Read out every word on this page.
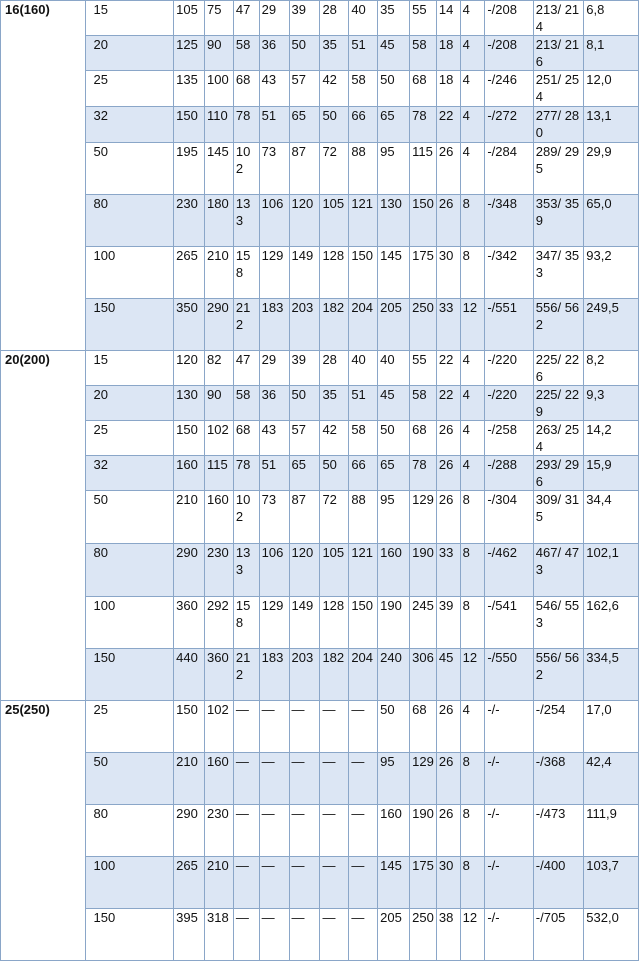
16(160)	15	105	75	47	29	39	28	40	35	55	14	4	-/208	213/ 214	6,8
	20	125	90	58	36	50	35	51	45	58	18	4	-/208	213/ 216	8,1
	25	135	100	68	43	57	42	58	50	68	18	4	-/246	251/ 254	12,0
	32	150	110	78	51	65	50	66	65	78	22	4	-/272	277/ 280	13,1
	50	195	145	102	73	87	72	88	95	115	26	4	-/284	289/ 295	29,9
	80	230	180	133	106	120	105	121	130	150	26	8	-/348	353/ 359	65,0
	100	265	210	158	129	149	128	150	145	175	30	8	-/342	347/ 353	93,2
	150	350	290	212	183	203	182	204	205	250	33	12	-/551	556/ 562	249,5
20(200)	15	120	82	47	29	39	28	40	40	55	22	4	-/220	225/ 226	8,2
	20	130	90	58	36	50	35	51	45	58	22	4	-/220	225/ 229	9,3
	25	150	102	68	43	57	42	58	50	68	26	4	-/258	263/ 254	14,2
	32	160	115	78	51	65	50	66	65	78	26	4	-/288	293/ 296	15,9
	50	210	160	102	73	87	72	88	95	129	26	8	-/304	309/ 315	34,4
	80	290	230	133	106	120	105	121	160	190	33	8	-/462	467/ 473	102,1
	100	360	292	158	129	149	128	150	190	245	39	8	-/541	546/ 553	162,6
	150	440	360	212	183	203	182	204	240	306	45	12	-/550	556/ 562	334,5
25(250)	25	150	102	—	—	—	—	—	50	68	26	4	-/-	-/254	17,0
	50	210	160	—	—	—	—	—	95	129	26	8	-/-	-/368	42,4
	80	290	230	—	—	—	—	—	160	190	26	8	-/-	-/473	111,9
	100	265	210	—	—	—	—	—	145	175	30	8	-/-	-/400	103,7
	150	395	318	—	—	—	—	—	205	250	38	12	-/-	-/705	532,0
